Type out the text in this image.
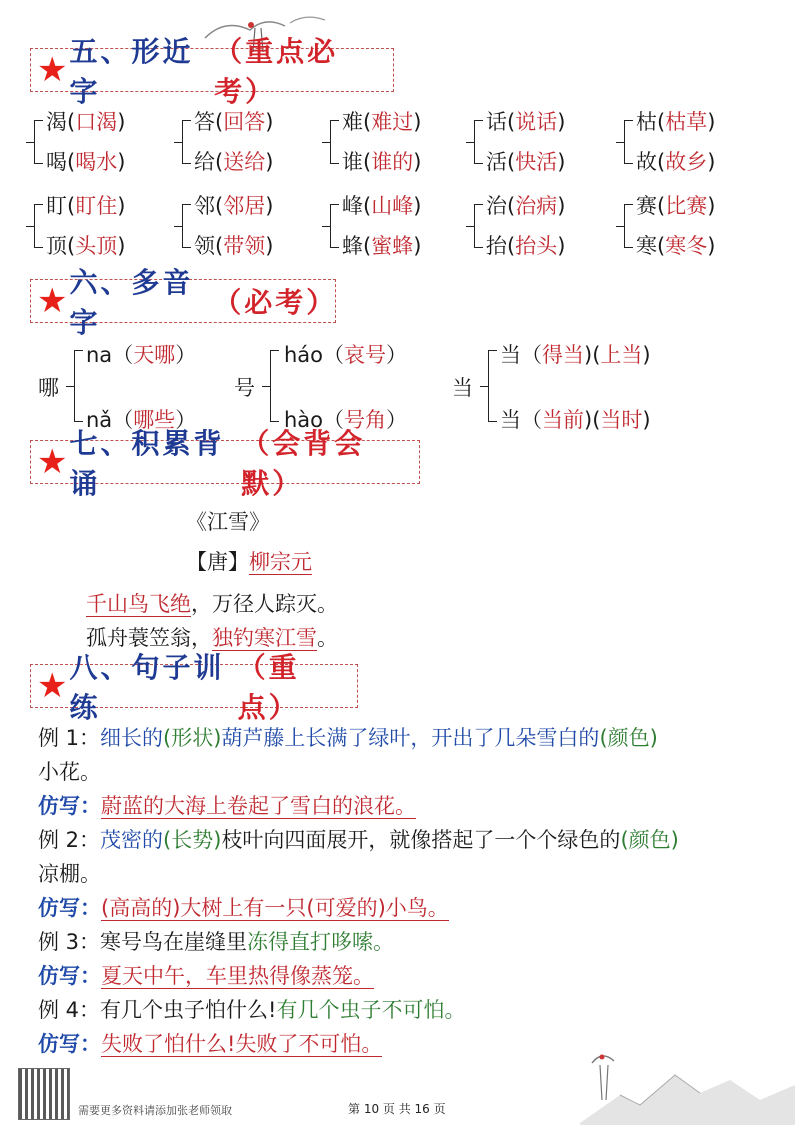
★ 五、形近字
（重点必考）
渴(口渴)
喝(喝水)
答(回答)
给(送给)
难(难过)
谁(谁的)
话(说话)
活(快活)
枯(枯草)
故(故乡)
盯(盯住)
顶(头顶)
邻(邻居)
领(带领)
峰(山峰)
蜂(蜜蜂)
治(治病)
抬(抬头)
赛(比赛)
寒(寒冬)
★ 六、多音字
（必考）
哪
na（天哪）
nǎ（哪些）
号
háo（哀号）
hào（号角）
当
当（得当)(上当)
当（当前)(当时)
★ 七、积累背诵
（会背会默）
《江雪》
【唐】柳宗元
千山鸟飞绝，万径人踪灭。
孤舟蓑笠翁，独钓寒江雪。
★ 八、句子训练
（重点）
例 1：细长的(形状)葫芦藤上长满了绿叶，开出了几朵雪白的(颜色)
小花。
仿写：蔚蓝的大海上卷起了雪白的浪花。
例 2：茂密的(长势)枝叶向四面展开，就像搭起了一个个绿色的(颜色)
凉棚。
仿写：(高高的)大树上有一只(可爱的)小鸟。
例 3：寒号鸟在崖缝里冻得直打哆嗦。
仿写：夏天中午，车里热得像蒸笼。
例 4：有几个虫子怕什么!有几个虫子不可怕。
仿写：失败了怕什么!失败了不可怕。
需要更多资料请添加张老师领取	第 10 页 共 16 页
